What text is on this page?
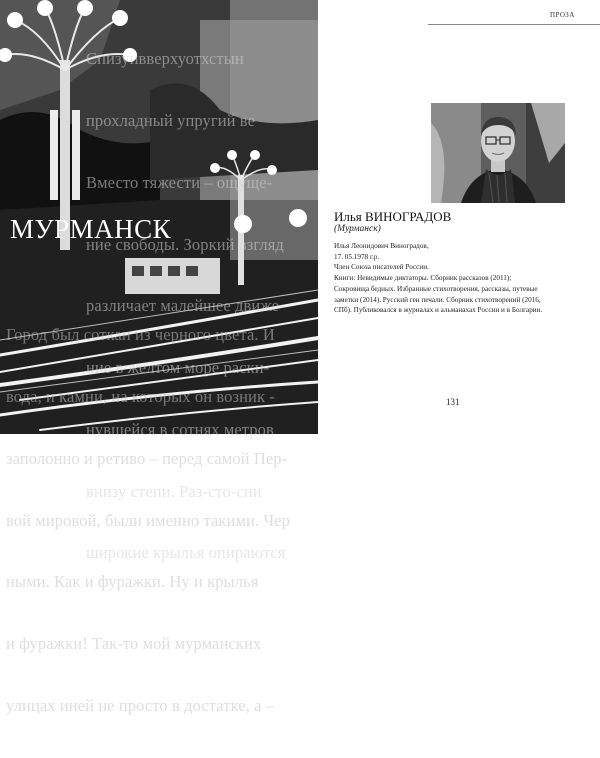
Спизуивверхуотхстын

прохладный упругий ве

Вместо тяжести – ощуще-

ние свободы. Зоркий взгляд

различает малейшее движе-

ние в желтом море раски-

нувшейся в сотнях метров

внизу степи. Раз-сто-сни

широкие крылья опираются

МУРМАНСК

Город был соткан из черного цвета. И

вода, и камни, на которых он возник -

заполонно и ретиво – перед самой Пер-

вой мировой, были именно такими. Чер

ными. Как и фуражки. Ну и крылья

и фуражки! Так-то мой мурманских

улицах иней не просто в достатке, а –

ПРОЗА
Илья ВИНОГРАДОВ
(Мурманск)
Илья Леонидович Виноградов,
17. 05.1978 г.р.
Член Союза писателей России.
Книги: Невидимые диктаторы. Сборник рассказов (2011);
Сокровища бедных. Избранные стихотворения, рассказы, путевые
заметки (2014). Русский ген печали. Сборник стихотворений (2016,
СПб). Публиковался в журналах и альманахах России и в Болгарии.
131
